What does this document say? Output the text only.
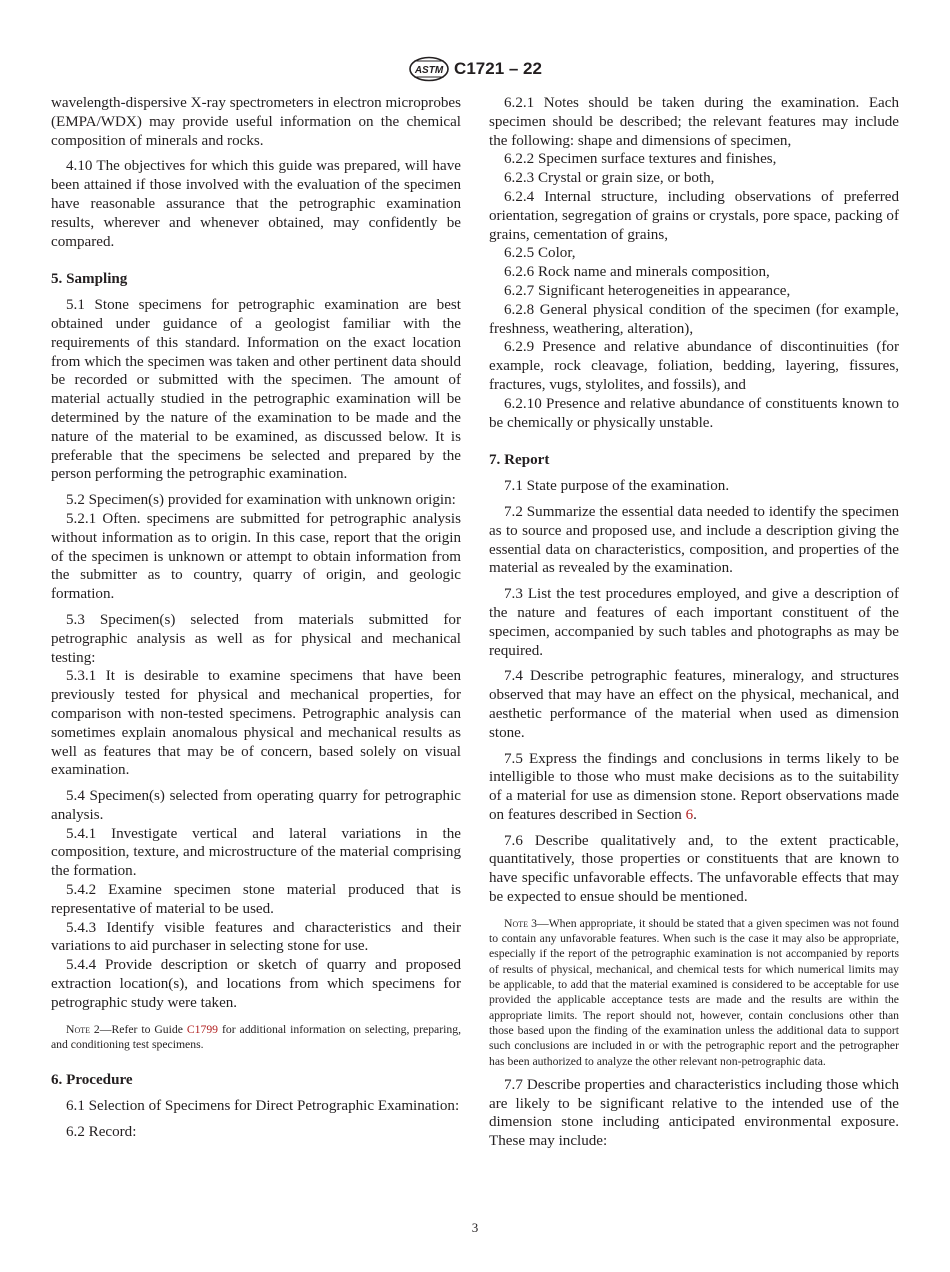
ASTM C1721 – 22

wavelength-dispersive X-ray spectrometers in electron microprobes (EMPA/WDX) may provide useful information on the chemical composition of minerals and rocks.

4.10 The objectives for which this guide was prepared, will have been attained if those involved with the evaluation of the specimen have reasonable assurance that the petrographic examination results, wherever and whenever obtained, may confidently be compared.

5. Sampling

5.1 Stone specimens for petrographic examination are best obtained under guidance of a geologist familiar with the requirements of this standard. Information on the exact location from which the specimen was taken and other pertinent data should be recorded or submitted with the specimen. The amount of material actually studied in the petrographic examination will be determined by the nature of the examination to be made and the nature of the material to be examined, as discussed below. It is preferable that the specimens be selected and prepared by the person performing the petrographic examination.

5.2 Specimen(s) provided for examination with unknown origin:

5.2.1 Often. specimens are submitted for petrographic analysis without information as to origin. In this case, report that the origin of the specimen is unknown or attempt to obtain information from the submitter as to country, quarry of origin, and geologic formation.

5.3 Specimen(s) selected from materials submitted for petrographic analysis as well as for physical and mechanical testing:

5.3.1 It is desirable to examine specimens that have been previously tested for physical and mechanical properties, for comparison with non-tested specimens. Petrographic analysis can sometimes explain anomalous physical and mechanical results as well as features that may be of concern, based solely on visual examination.

5.4 Specimen(s) selected from operating quarry for petrographic analysis.

5.4.1 Investigate vertical and lateral variations in the composition, texture, and microstructure of the material comprising the formation.

5.4.2 Examine specimen stone material produced that is representative of material to be used.

5.4.3 Identify visible features and characteristics and their variations to aid purchaser in selecting stone for use.

5.4.4 Provide description or sketch of quarry and proposed extraction location(s), and locations from which specimens for petrographic study were taken.

Note 2—Refer to Guide C1799 for additional information on selecting, preparing, and conditioning test specimens.

6. Procedure

6.1 Selection of Specimens for Direct Petrographic Examination:

6.2 Record:

6.2.1 Notes should be taken during the examination. Each specimen should be described; the relevant features may include the following: shape and dimensions of specimen,

6.2.2 Specimen surface textures and finishes,

6.2.3 Crystal or grain size, or both,

6.2.4 Internal structure, including observations of preferred orientation, segregation of grains or crystals, pore space, packing of grains, cementation of grains,

6.2.5 Color,

6.2.6 Rock name and minerals composition,

6.2.7 Significant heterogeneities in appearance,

6.2.8 General physical condition of the specimen (for example, freshness, weathering, alteration),

6.2.9 Presence and relative abundance of discontinuities (for example, rock cleavage, foliation, bedding, layering, fissures, fractures, vugs, stylolites, and fossils), and

6.2.10 Presence and relative abundance of constituents known to be chemically or physically unstable.

7. Report

7.1 State purpose of the examination.

7.2 Summarize the essential data needed to identify the specimen as to source and proposed use, and include a description giving the essential data on characteristics, composition, and properties of the material as revealed by the examination.

7.3 List the test procedures employed, and give a description of the nature and features of each important constituent of the specimen, accompanied by such tables and photographs as may be required.

7.4 Describe petrographic features, mineralogy, and structures observed that may have an effect on the physical, mechanical, and aesthetic performance of the material when used as dimension stone.

7.5 Express the findings and conclusions in terms likely to be intelligible to those who must make decisions as to the suitability of a material for use as dimension stone. Report observations made on features described in Section 6.

7.6 Describe qualitatively and, to the extent practicable, quantitatively, those properties or constituents that are known to have specific unfavorable effects. The unfavorable effects that may be expected to ensue should be mentioned.

Note 3—When appropriate, it should be stated that a given specimen was not found to contain any unfavorable features. When such is the case it may also be appropriate, especially if the report of the petrographic examination is not accompanied by reports of results of physical, mechanical, and chemical tests for which numerical limits may be applicable, to add that the material examined is considered to be acceptable for use provided the applicable acceptance tests are made and the results are within the appropriate limits. The report should not, however, contain conclusions other than those based upon the finding of the examination unless the additional data to support such conclusions are included in or with the petrographic report and the petrographer has been authorized to analyze the other relevant non-petrographic data.

7.7 Describe properties and characteristics including those which are likely to be significant relative to the intended use of the dimension stone including anticipated environmental exposure. These may include:

3
